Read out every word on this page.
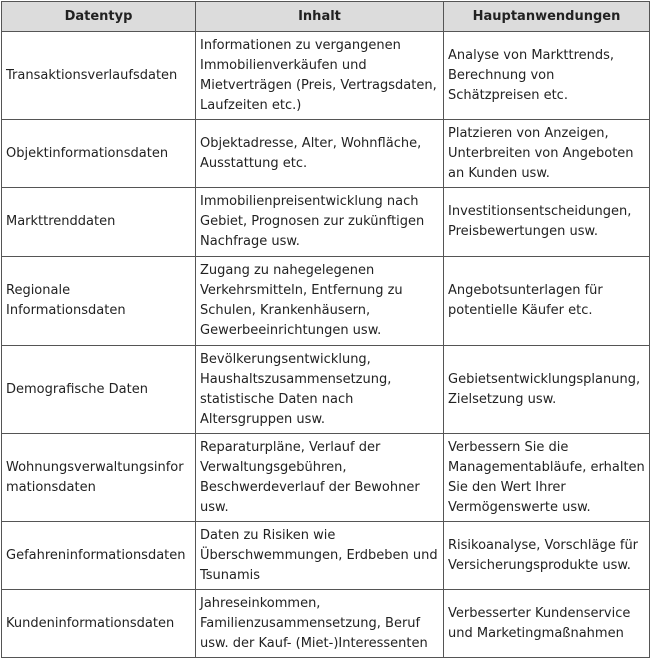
Datentyp	Inhalt	Hauptanwendungen
Transaktionsverlaufsdaten	Informationen zu vergangenen Immobilienverkäufen und Mietverträgen (Preis, Vertragsdaten, Laufzeiten etc.)	Analyse von Markttrends, Berechnung von Schätzpreisen etc.
Objektinformationsdaten	Objektadresse, Alter, Wohnfläche, Ausstattung etc.	Platzieren von Anzeigen, Unterbreiten von Angeboten an Kunden usw.
Markttrenddaten	Immobilienpreisentwicklung nach Gebiet, Prognosen zur zukünftigen Nachfrage usw.	Investitionsentscheidungen, Preisbewertungen usw.
Regionale Informationsdaten	Zugang zu nahegelegenen Verkehrsmitteln, Entfernung zu Schulen, Krankenhäusern, Gewerbeeinrichtungen usw.	Angebotsunterlagen für potentielle Käufer etc.
Demografische Daten	Bevölkerungsentwicklung, Haushaltszusammensetzung, statistische Daten nach Altersgruppen usw.	Gebietsentwicklungsplanung, Zielsetzung usw.
Wohnungsverwaltungsinformationsdaten	Reparaturpläne, Verlauf der Verwaltungsgebühren, Beschwerdeverlauf der Bewohner usw.	Verbessern Sie die Managementabläufe, erhalten Sie den Wert Ihrer Vermögenswerte usw.
Gefahreninformationsdaten	Daten zu Risiken wie Überschwemmungen, Erdbeben und Tsunamis	Risikoanalyse, Vorschläge für Versicherungsprodukte usw.
Kundeninformationsdaten	Jahreseinkommen, Familienzusammensetzung, Beruf usw. der Kauf- (Miet-)Interessenten	Verbesserter Kundenservice und Marketingmaßnahmen
